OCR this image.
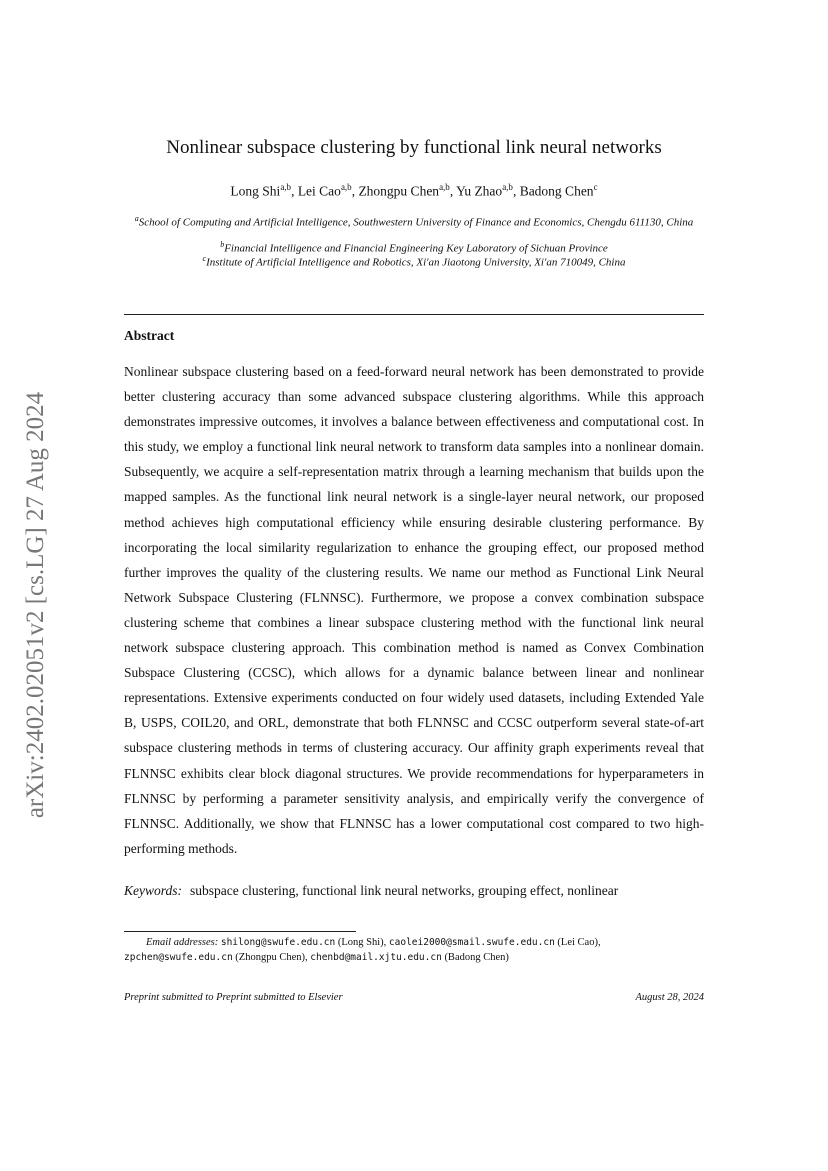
arXiv:2402.02051v2 [cs.LG] 27 Aug 2024
Nonlinear subspace clustering by functional link neural networks
Long Shi$^{a,b}$, Lei Cao$^{a,b}$, Zhongpu Chen$^{a,b}$, Yu Zhao$^{a,b}$, Badong Chen$^c$
$^a$School of Computing and Artificial Intelligence, Southwestern University of Finance and Economics, Chengdu 611130, China
$^b$Financial Intelligence and Financial Engineering Key Laboratory of Sichuan Province
$^c$Institute of Artificial Intelligence and Robotics, Xi'an Jiaotong University, Xi'an 710049, China
Abstract
Nonlinear subspace clustering based on a feed-forward neural network has been demonstrated to provide better clustering accuracy than some advanced subspace clustering algorithms. While this approach demonstrates impressive outcomes, it involves a balance between effectiveness and computational cost. In this study, we employ a functional link neural network to transform data samples into a nonlinear domain. Subsequently, we acquire a self-representation matrix through a learning mechanism that builds upon the mapped samples. As the functional link neural network is a single-layer neural network, our proposed method achieves high computational efficiency while ensuring desirable clustering performance. By incorporating the local similarity regularization to enhance the grouping effect, our proposed method further improves the quality of the clustering results. We name our method as Functional Link Neural Network Subspace Clustering (FLNNSC). Furthermore, we propose a convex combination subspace clustering scheme that combines a linear subspace clustering method with the functional link neural network subspace clustering approach. This combination method is named as Convex Combination Subspace Clustering (CCSC), which allows for a dynamic balance between linear and nonlinear representations. Extensive experiments conducted on four widely used datasets, including Extended Yale B, USPS, COIL20, and ORL, demonstrate that both FLNNSC and CCSC outperform several state-of-art subspace clustering methods in terms of clustering accuracy. Our affinity graph experiments reveal that FLNNSC exhibits clear block diagonal structures. We provide recommendations for hyperparameters in FLNNSC by performing a parameter sensitivity analysis, and empirically verify the convergence of FLNNSC. Additionally, we show that FLNNSC has a lower computational cost compared to two high-performing methods.
Keywords: subspace clustering, functional link neural networks, grouping effect, nonlinear
Email addresses: shilong@swufe.edu.cn (Long Shi), caolei2000@smail.swufe.edu.cn (Lei Cao),
zpchen@swufe.edu.cn (Zhongpu Chen), chenbd@mail.xjtu.edu.cn (Badong Chen)
Preprint submitted to Preprint submitted to Elsevier	August 28, 2024
